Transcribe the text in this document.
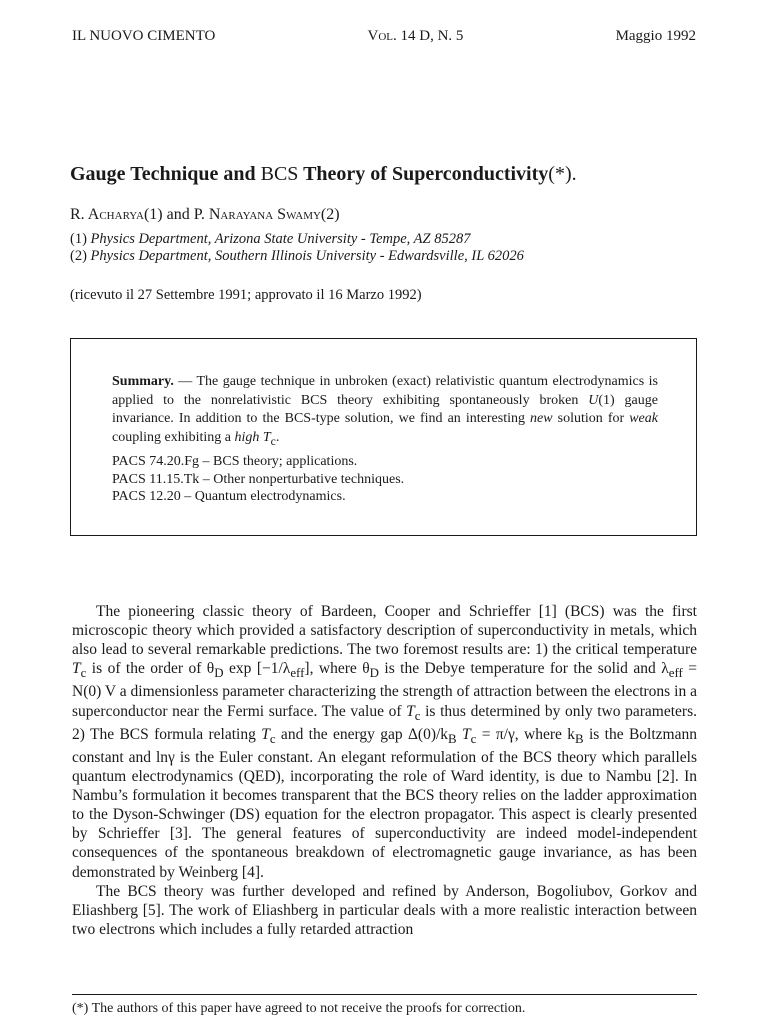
IL NUOVO CIMENTO	Vol. 14 D, N. 5	Maggio 1992
Gauge Technique and BCS Theory of Superconductivity(*).
R. Acharya(1) and P. Narayana Swamy(2)
(1) Physics Department, Arizona State University - Tempe, AZ 85287
(2) Physics Department, Southern Illinois University - Edwardsville, IL 62026
(ricevuto il 27 Settembre 1991; approvato il 16 Marzo 1992)
Summary. — The gauge technique in unbroken (exact) relativistic quantum electrodynamics is applied to the nonrelativistic BCS theory exhibiting spontaneously broken U(1) gauge invariance. In addition to the BCS-type solution, we find an interesting new solution for weak coupling exhibiting a high $T_c$.
PACS 74.20.Fg – BCS theory; applications.
PACS 11.15.Tk – Other nonperturbative techniques.
PACS 12.20 – Quantum electrodynamics.

The pioneering classic theory of Bardeen, Cooper and Schrieffer [1] (BCS) was the first microscopic theory which provided a satisfactory description of superconductivity in metals, which also lead to several remarkable predictions. The two foremost results are: 1) the critical temperature $T_c$ is of the order of $\theta_D$ $\exp [-1/\lambda_{eff}]$, where $\theta_D$ is the Debye temperature for the solid and $\lambda_{eff} = N(0)$ V a dimensionless parameter characterizing the strength of attraction between the electrons in a superconductor near the Fermi surface. The value of $T_c$ is thus determined by only two parameters. 2) The BCS formula relating $T_c$ and the energy gap $\Delta(0)/k_B$ $T_c = \pi/\gamma$, where $k_B$ is the Boltzmann constant and lnγ is the Euler constant. An elegant reformulation of the BCS theory which parallels quantum electrodynamics (QED), incorporating the role of Ward identity, is due to Nambu [2]. In Nambu’s formulation it becomes transparent that the BCS theory relies on the ladder approximation to the Dyson-Schwinger (DS) equation for the electron propagator. This aspect is clearly presented by Schrieffer [3]. The general features of superconductivity are indeed model-independent consequences of the spontaneous breakdown of electromagnetic gauge invariance, as has been demonstrated by Weinberg [4].

The BCS theory was further developed and refined by Anderson, Bogoliubov, Gorkov and Eliashberg [5]. The work of Eliashberg in particular deals with a more realistic interaction between two electrons which includes a fully retarded attraction

(*) The authors of this paper have agreed to not receive the proofs for correction.
